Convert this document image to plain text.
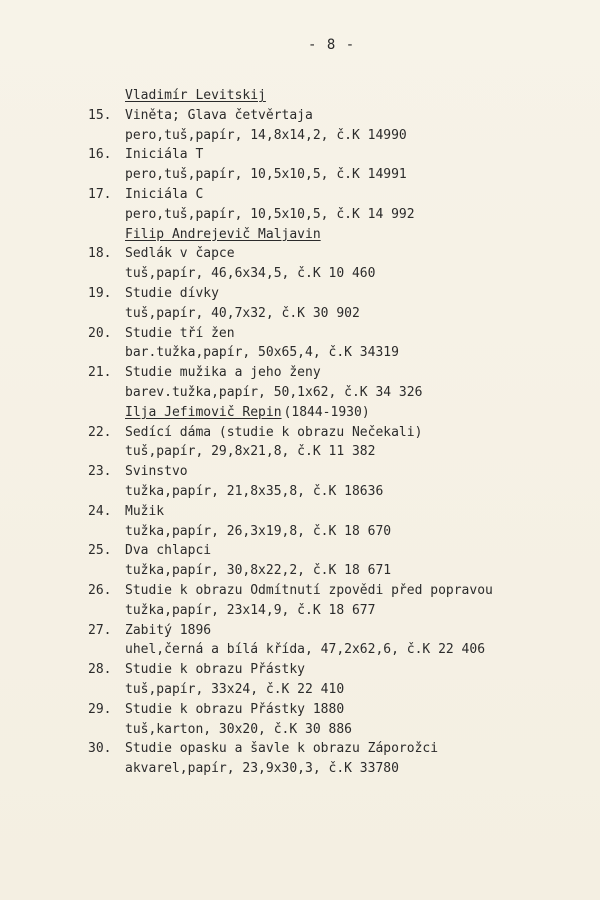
- 8 -
Vladimír Levitskij
15.	Viněta; Glava četvěrtaja
pero,tuš,papír, 14,8x14,2, č.K 14990
16.	Iniciála T
pero,tuš,papír, 10,5x10,5, č.K 14991
17.	Iniciála C
pero,tuš,papír, 10,5x10,5, č.K 14 992
Filip Andrejevič Maljavin
18.	Sedlák v čapce
tuš,papír, 46,6x34,5, č.K 10 460
19.	Studie dívky
tuš,papír, 40,7x32, č.K 30 902
20.	Studie tří žen
bar.tužka,papír, 50x65,4, č.K 34319
21.	Studie mužika a jeho ženy
barev.tužka,papír, 50,1x62, č.K 34 326
Ilja Jefimovič Repin (1844-1930)
22.	Sedící dáma (studie k obrazu Nečekali)
tuš,papír, 29,8x21,8, č.K 11 382
23.	Svinstvo
tužka,papír, 21,8x35,8, č.K 18636
24.	Mužik
tužka,papír, 26,3x19,8, č.K 18 670
25.	Dva chlapci
tužka,papír, 30,8x22,2, č.K 18 671
26.	Studie k obrazu Odmítnutí zpovědi před popravou
tužka,papír, 23x14,9, č.K 18 677
27.	Zabitý 1896
uhel,černá a bílá křída, 47,2x62,6, č.K 22 406
28.	Studie k obrazu Přástky
tuš,papír, 33x24, č.K 22 410
29.	Studie k obrazu Přástky 1880
tuš,karton, 30x20, č.K 30 886
30.	Studie opasku a šavle k obrazu Záporožci
akvarel,papír, 23,9x30,3, č.K 33780
